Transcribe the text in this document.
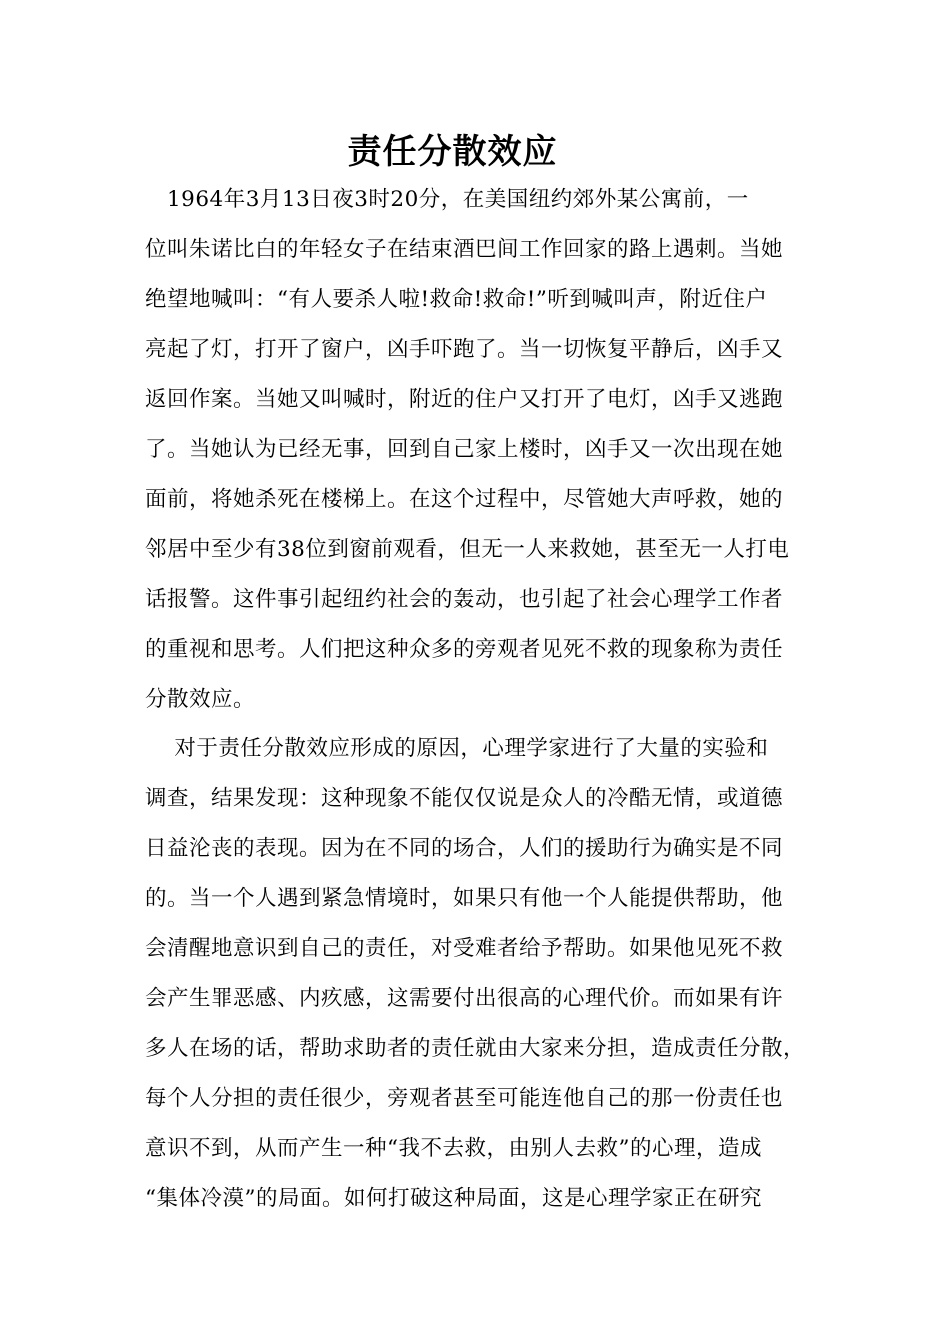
责任分散效应
1964年3月13日夜3时20分，在美国纽约郊外某公寓前，一
位叫朱诺比白的年轻女子在结束酒巴间工作回家的路上遇刺。当她
绝望地喊叫：“有人要杀人啦!救命!救命!”听到喊叫声，附近住户
亮起了灯，打开了窗户，凶手吓跑了。当一切恢复平静后，凶手又
返回作案。当她又叫喊时，附近的住户又打开了电灯，凶手又逃跑
了。当她认为已经无事，回到自己家上楼时，凶手又一次出现在她
面前，将她杀死在楼梯上。在这个过程中，尽管她大声呼救，她的
邻居中至少有38位到窗前观看，但无一人来救她，甚至无一人打电
话报警。这件事引起纽约社会的轰动，也引起了社会心理学工作者
的重视和思考。人们把这种众多的旁观者见死不救的现象称为责任
分散效应。
对于责任分散效应形成的原因，心理学家进行了大量的实验和
调查，结果发现：这种现象不能仅仅说是众人的冷酷无情，或道德
日益沦丧的表现。因为在不同的场合，人们的援助行为确实是不同
的。当一个人遇到紧急情境时，如果只有他一个人能提供帮助，他
会清醒地意识到自己的责任，对受难者给予帮助。如果他见死不救
会产生罪恶感、内疚感，这需要付出很高的心理代价。而如果有许
多人在场的话，帮助求助者的责任就由大家来分担，造成责任分散，
每个人分担的责任很少，旁观者甚至可能连他自己的那一份责任也
意识不到，从而产生一种“我不去救，由别人去救”的心理，造成
“集体冷漠”的局面。如何打破这种局面，这是心理学家正在研究
